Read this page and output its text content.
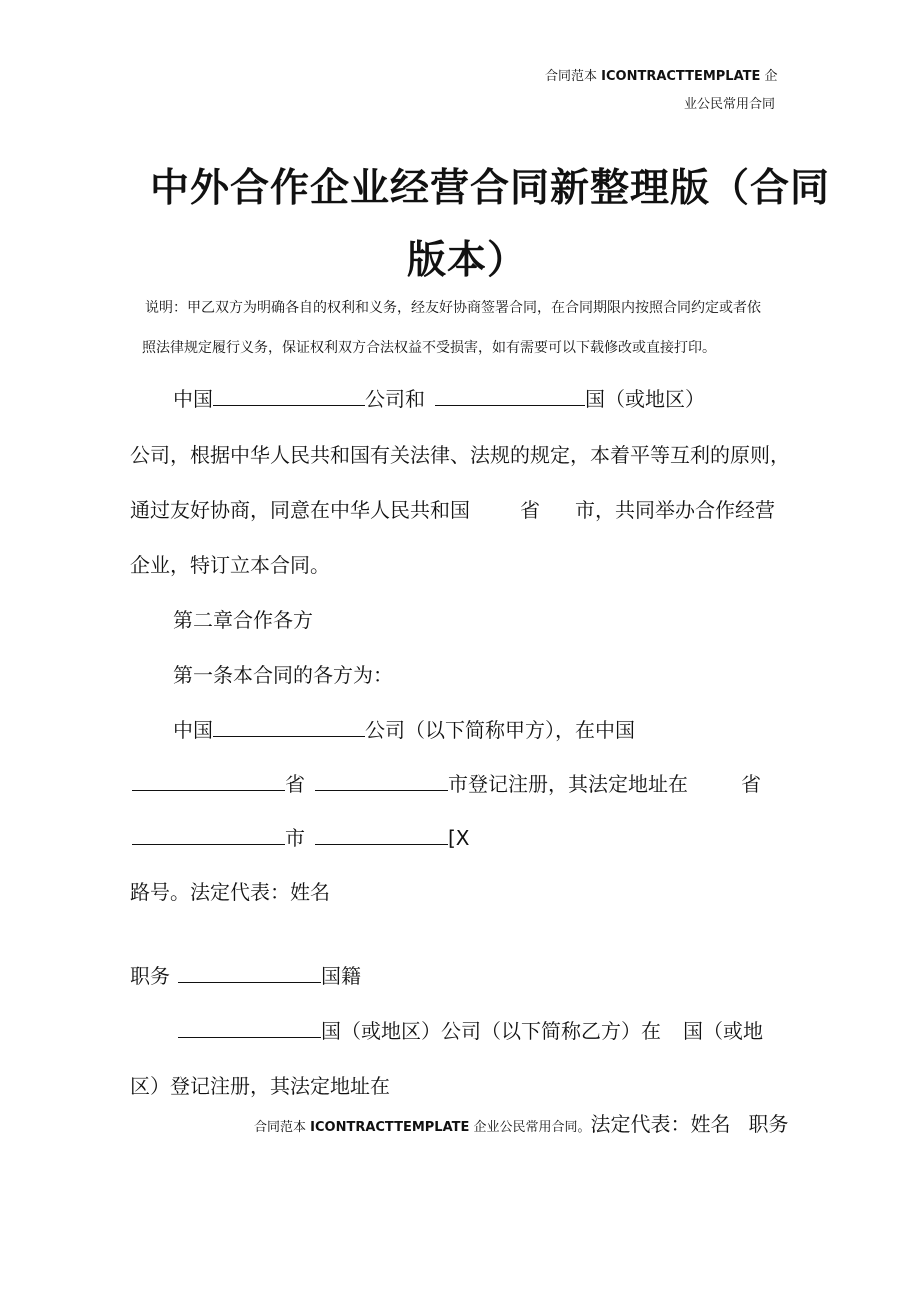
合同范本 ICONTRACTTEMPLATE 企
业公民常用合同
中外合作企业经营合同新整理版（合同
版本）
说明：甲乙双方为明确各自的权利和义务，经友好协商签署合同，在合同期限内按照合同约定或者依
照法律规定履行义务，保证权利双方合法权益不受损害，如有需要可以下载修改或直接打印。
中国	公司和	国（或地区）
公司，根据中华人民共和国有关法律、法规的规定，本着平等互利的原则，
通过友好协商，同意在中华人民共和国	省 市，共同举办合作经营
企业，特订立本合同。
第二章合作各方
第一条本合同的各方为：
中国	公司（以下简称甲方），在中国
省	市登记注册，其法定地址在	省
市	[X
路号。法定代表：姓名
职务	国籍
国（或地区）公司（以下简称乙方）在 国（或地
区）登记注册，其法定地址在
合同范本 ICONTRACTTEMPLATE 企业公民常用合同。法定代表：姓名 职务
